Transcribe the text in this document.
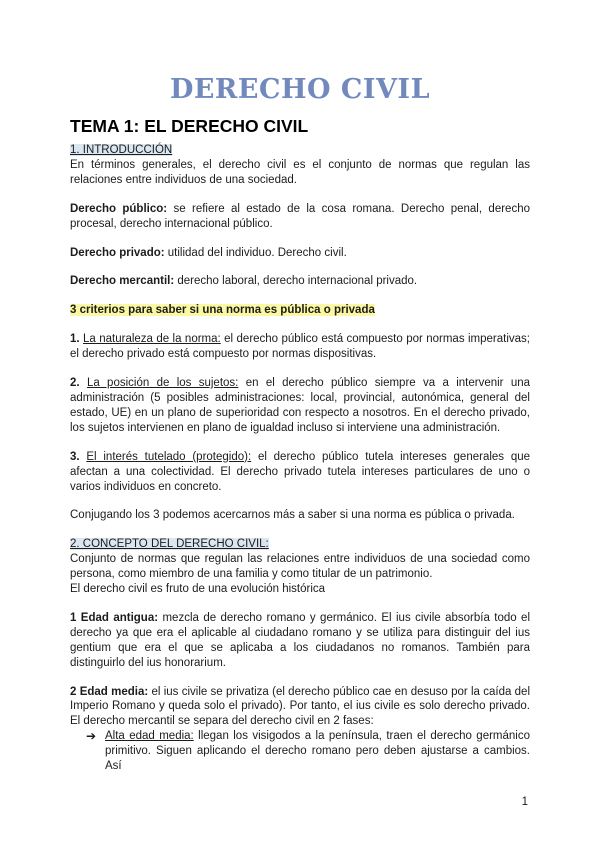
DERECHO CIVIL
TEMA 1: EL DERECHO CIVIL

1. INTRODUCCIÓN

En términos generales, el derecho civil es el conjunto de normas que regulan las relaciones entre individuos de una sociedad.

Derecho público: se refiere al estado de la cosa romana. Derecho penal, derecho procesal, derecho internacional público.

Derecho privado: utilidad del individuo. Derecho civil.

Derecho mercantil: derecho laboral, derecho internacional privado.

3 criterios para saber si una norma es pública o privada

1. La naturaleza de la norma: el derecho público está compuesto por normas imperativas; el derecho privado está compuesto por normas dispositivas.

2. La posición de los sujetos: en el derecho público siempre va a intervenir una administración (5 posibles administraciones: local, provincial, autonómica, general del estado, UE) en un plano de superioridad con respecto a nosotros. En el derecho privado, los sujetos intervienen en plano de igualdad incluso si interviene una administración.

3. El interés tutelado (protegido): el derecho público tutela intereses generales que afectan a una colectividad. El derecho privado tutela intereses particulares de uno o varios individuos en concreto.

Conjugando los 3 podemos acercarnos más a saber si una norma es pública o privada.

2. CONCEPTO DEL DERECHO CIVIL:

Conjunto de normas que regulan las relaciones entre individuos de una sociedad como persona, como miembro de una familia y como titular de un patrimonio.

El derecho civil es fruto de una evolución histórica

1 Edad antigua: mezcla de derecho romano y germánico. El ius civile absorbía todo el derecho ya que era el aplicable al ciudadano romano y se utiliza para distinguir del ius gentium que era el que se aplicaba a los ciudadanos no romanos. También para distinguirlo del ius honorarium.

2 Edad media: el ius civile se privatiza (el derecho público cae en desuso por la caída del Imperio Romano y queda solo el privado). Por tanto, el ius civile es solo derecho privado. El derecho mercantil se separa del derecho civil en 2 fases:

➔ Alta edad media: llegan los visigodos a la península, traen el derecho germánico primitivo. Siguen aplicando el derecho romano pero deben ajustarse a cambios. Así

1
